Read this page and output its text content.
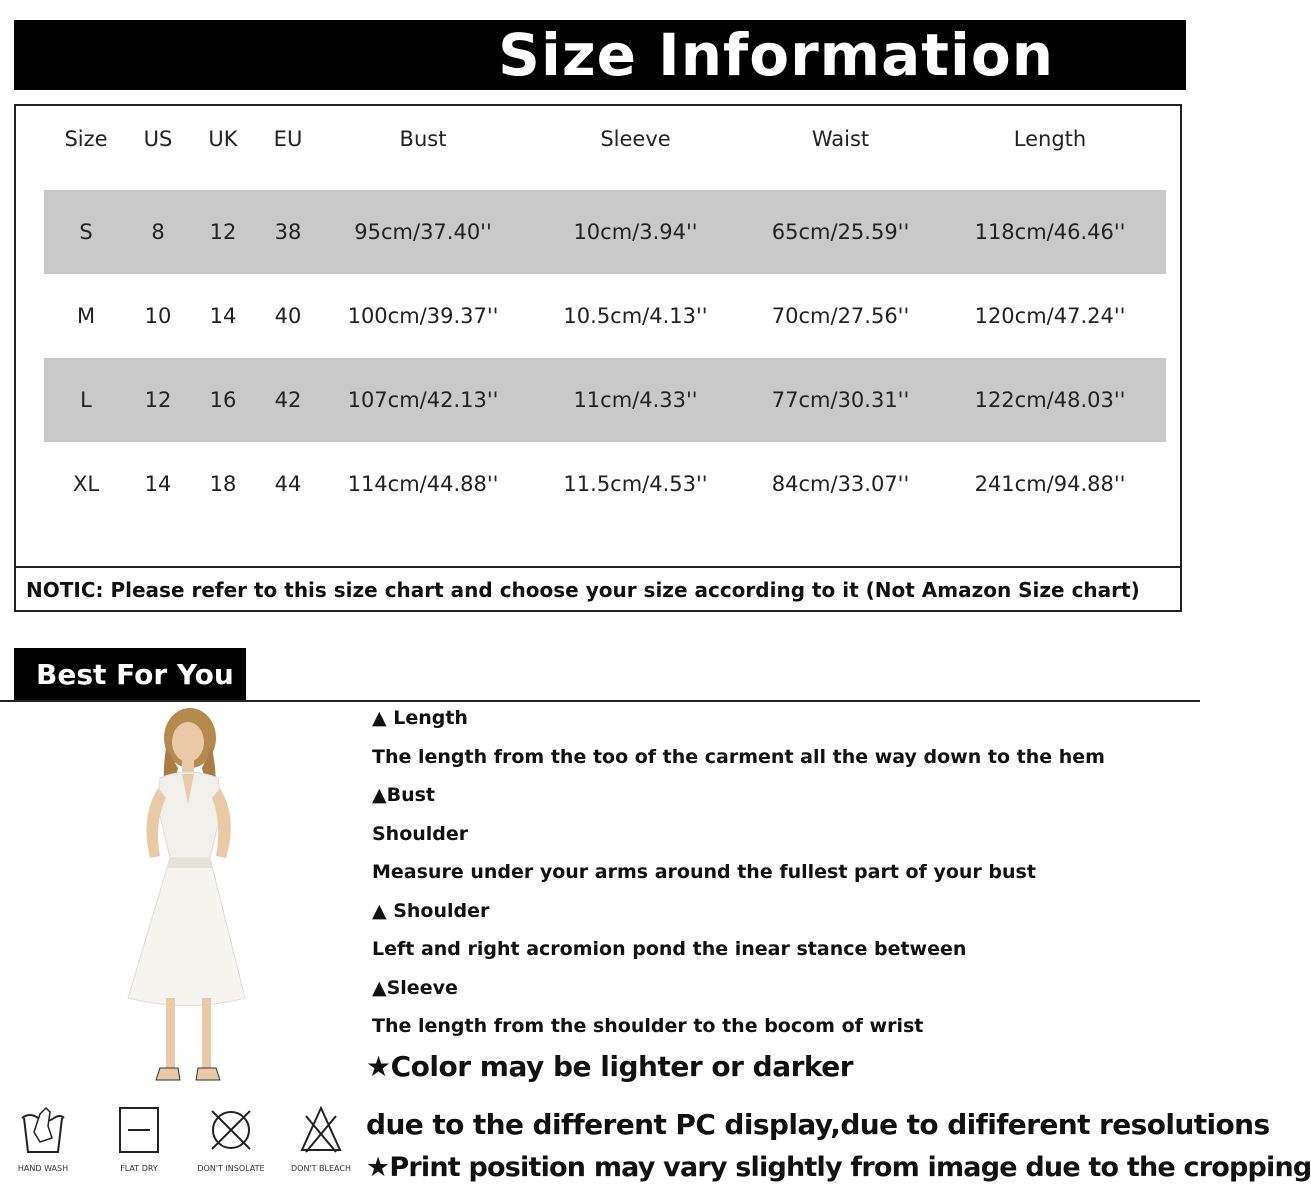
Size Information
Size	US	UK	EU	Bust	Sleeve	Waist	Length
S	8	12	38	95cm/37.40''	10cm/3.94''	65cm/25.59''	118cm/46.46''
M	10	14	40	100cm/39.37''	10.5cm/4.13''	70cm/27.56''	120cm/47.24''
L	12	16	42	107cm/42.13''	11cm/4.33''	77cm/30.31''	122cm/48.03''
XL	14	18	44	114cm/44.88''	11.5cm/4.53''	84cm/33.07''	241cm/94.88''
NOTIC: Please refer to this size chart and choose your size according to it (Not Amazon Size chart)
Best For You
▲ Length
The length from the too of the carment all the way down to the hem
▲Bust
Shoulder
Measure under your arms around the fullest part of your bust
▲ Shoulder
Left and right acromion pond the inear stance between
▲Sleeve
The length from the shoulder to the bocom of wrist
★Color may be lighter or darker
due to the different PC display,due to dififerent resolutions
★Print position may vary slightly from image due to the cropping
HAND WASH	FLAT DRY	DON'T INSOLATE	DON'T BLEACH
